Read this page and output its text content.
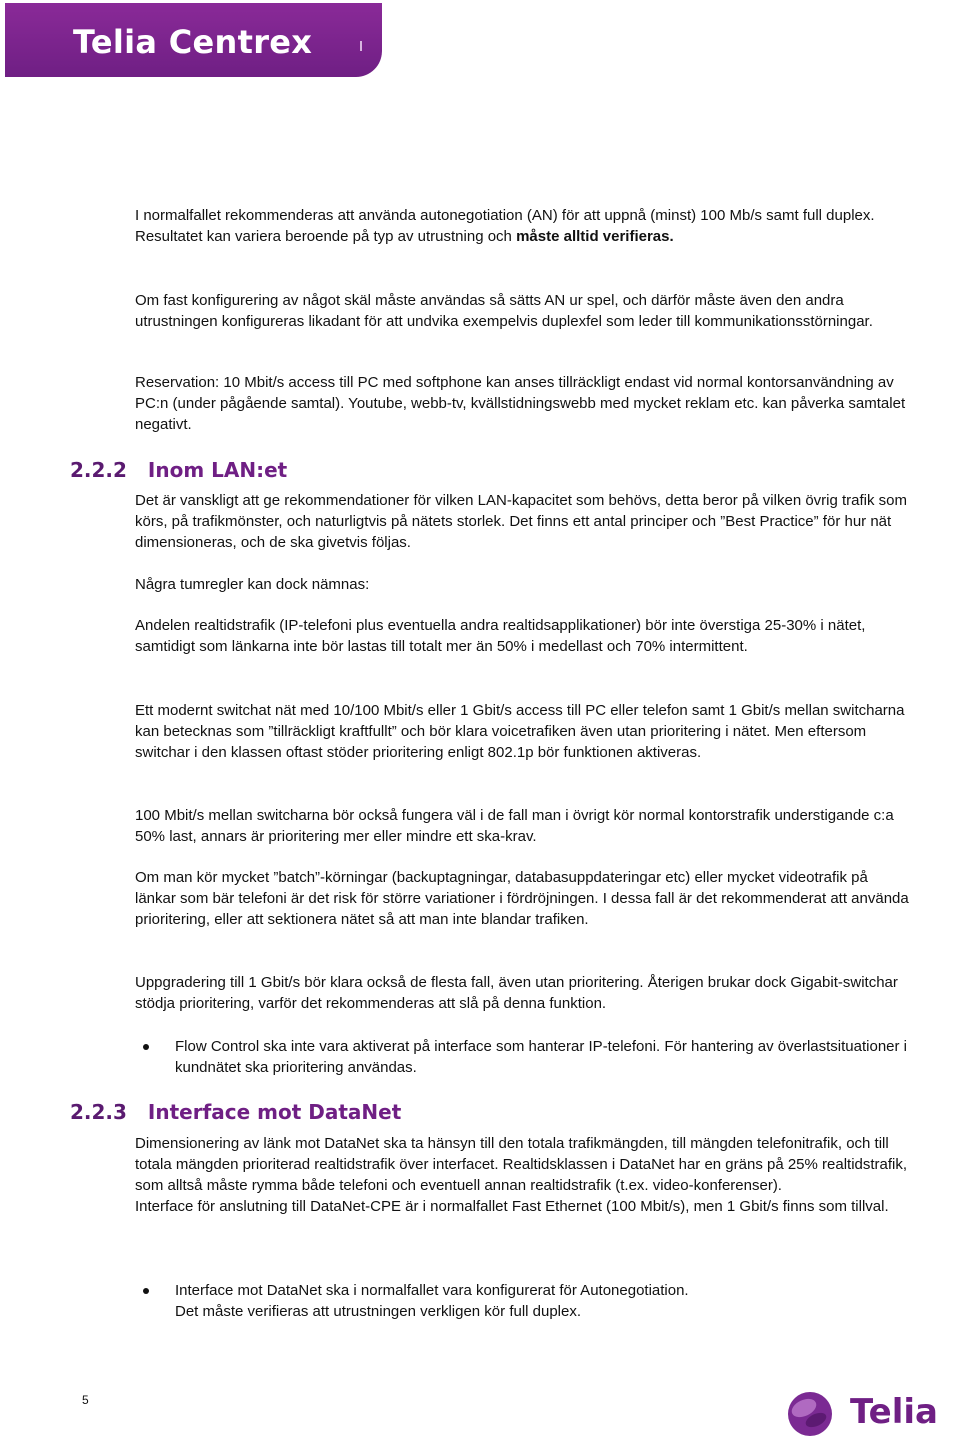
Telia Centrex

I normalfallet rekommenderas att använda autonegotiation (AN) för att uppnå (minst) 100 Mb/s samt full duplex. Resultatet kan variera beroende på typ av utrustning och måste alltid verifieras.

Om fast konfigurering av något skäl måste användas så sätts AN ur spel, och därför måste även den andra utrustningen konfigureras likadant för att undvika exempelvis duplexfel som leder till kommunikationsstörningar.

Reservation: 10 Mbit/s access till PC med softphone kan anses tillräckligt endast vid normal kontorsanvändning av PC:n (under pågående samtal). Youtube, webb-tv, kvällstidningswebb med mycket reklam etc. kan påverka samtalet negativt.

2.2.2 Inom LAN:et

Det är vanskligt att ge rekommendationer för vilken LAN-kapacitet som behövs, detta beror på vilken övrig trafik som körs, på trafikmönster, och naturligtvis på nätets storlek. Det finns ett antal principer och ”Best Practice” för hur nät dimensioneras, och de ska givetvis följas.

Några tumregler kan dock nämnas:

Andelen realtidstrafik (IP-telefoni plus eventuella andra realtidsapplikationer) bör inte överstiga 25-30% i nätet, samtidigt som länkarna inte bör lastas till totalt mer än 50% i medellast och 70% intermittent.

Ett modernt switchat nät med 10/100 Mbit/s eller 1 Gbit/s access till PC eller telefon samt 1 Gbit/s mellan switcharna kan betecknas som ”tillräckligt kraftfullt” och bör klara voicetrafiken även utan prioritering i nätet. Men eftersom switchar i den klassen oftast stöder prioritering enligt 802.1p bör funktionen aktiveras.

100 Mbit/s mellan switcharna bör också fungera väl i de fall man i övrigt kör normal kontorstrafik understigande c:a 50% last, annars är prioritering mer eller mindre ett ska-krav.

Om man kör mycket ”batch”-körningar (backuptagningar, databasuppdateringar etc) eller mycket videotrafik på länkar som bär telefoni är det risk för större variationer i fördröjningen. I dessa fall är det rekommenderat att använda prioritering, eller att sektionera nätet så att man inte blandar trafiken.

Uppgradering till 1 Gbit/s bör klara också de flesta fall, även utan prioritering. Återigen brukar dock Gigabit-switchar stödja prioritering, varför det rekommenderas att slå på denna funktion.

Flow Control ska inte vara aktiverat på interface som hanterar IP-telefoni. För hantering av överlastsituationer i kundnätet ska prioritering användas.
2.2.3 Interface mot DataNet

Dimensionering av länk mot DataNet ska ta hänsyn till den totala trafikmängden, till mängden telefonitrafik, och till totala mängden prioriterad realtidstrafik över interfacet. Realtidsklassen i DataNet har en gräns på 25% realtidstrafik, som alltså måste rymma både telefoni och eventuell annan realtidstrafik (t.ex. video-konferenser).

Interface för anslutning till DataNet-CPE är i normalfallet Fast Ethernet (100 Mbit/s), men 1 Gbit/s finns som tillval.

Interface mot DataNet ska i normalfallet vara konfigurerat för Autonegotiation.
Det måste verifieras att utrustningen verkligen kör full duplex.
5	Telia
